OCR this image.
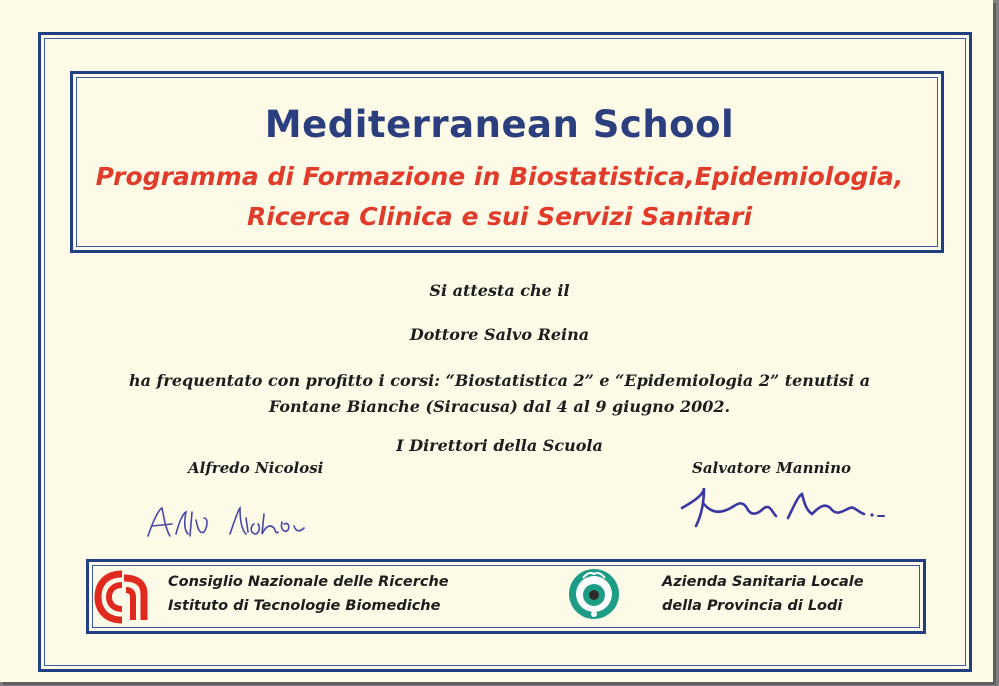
Mediterranean School
Programma di Formazione in Biostatistica,Epidemiologia,
Ricerca Clinica e sui Servizi Sanitari
Si attesta che il
Dottore Salvo Reina
ha frequentato con profitto i corsi: “Biostatistica 2” e “Epidemiologia 2” tenutisi a
Fontane Bianche (Siracusa) dal 4 al 9 giugno 2002.
I Direttori della Scuola
Alfredo Nicolosi	Salvatore Mannino
Consiglio Nazionale delle Ricerche
Istituto di Tecnologie Biomediche
Azienda Sanitaria Locale
della Provincia di Lodi
